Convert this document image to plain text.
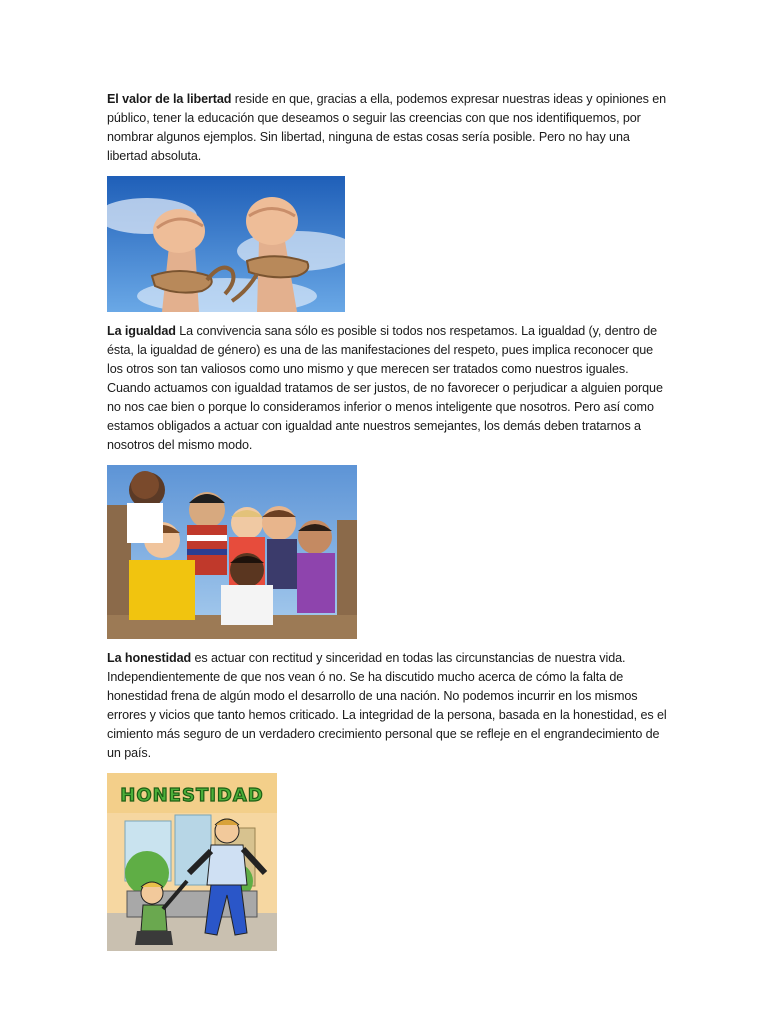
El valor de la libertad reside en que, gracias a ella, podemos expresar nuestras ideas y opiniones en público, tener la educación que deseamos o seguir las creencias con que nos identifiquemos, por nombrar algunos ejemplos. Sin libertad, ninguna de estas cosas sería posible. Pero no hay una libertad absoluta.

La igualdad La convivencia sana sólo es posible si todos nos respetamos. La igualdad (y, dentro de ésta, la igualdad de género) es una de las manifestaciones del respeto, pues implica reconocer que los otros son tan valiosos como uno mismo y que merecen ser tratados como nuestros iguales. Cuando actuamos con igualdad tratamos de ser justos, de no favorecer o perjudicar a alguien porque no nos cae bien o porque lo consideramos inferior o menos inteligente que nosotros. Pero así como estamos obligados a actuar con igualdad ante nuestros semejantes, los demás deben tratarnos a nosotros del mismo modo.

La honestidad es actuar con rectitud y sinceridad en todas las circunstancias de nuestra vida. Independientemente de que nos vean ó no. Se ha discutido mucho acerca de cómo la falta de honestidad frena de algún modo el desarrollo de una nación. No podemos incurrir en los mismos errores y vicios que tanto hemos criticado. La integridad de la persona, basada en la honestidad, es el cimiento más seguro de un verdadero crecimiento personal que se refleje en el engrandecimiento de un país.

HONESTIDAD
